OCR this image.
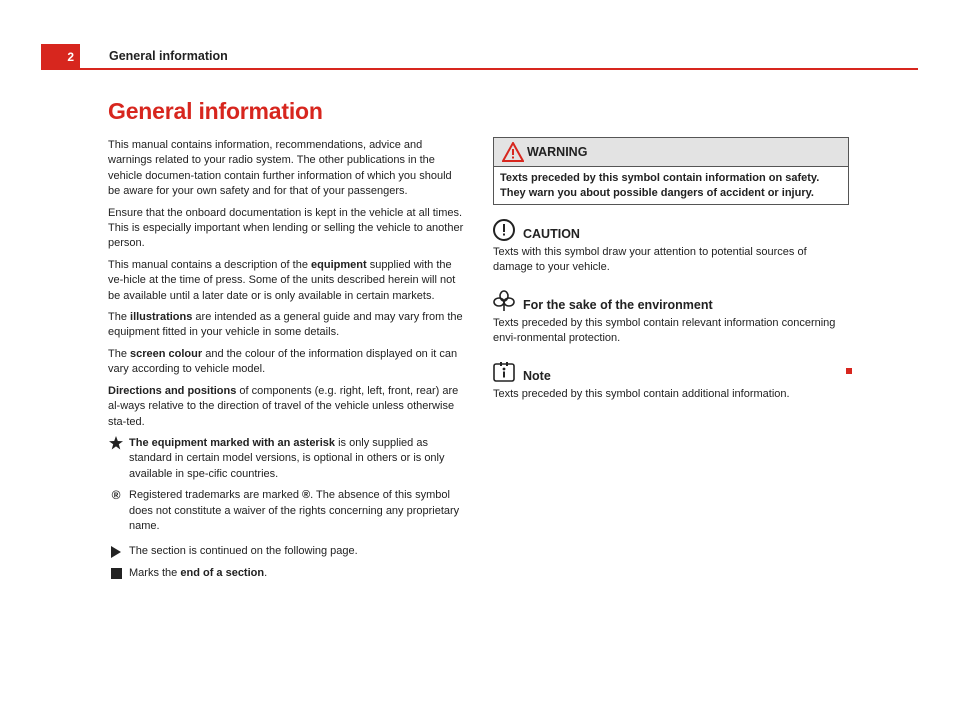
2	General information
General information

This manual contains information, recommendations, advice and warnings related to your radio system. The other publications in the vehicle documen-tation contain further information of which you should be aware for your own safety and for that of your passengers.

Ensure that the onboard documentation is kept in the vehicle at all times. This is especially important when lending or selling the vehicle to another person.

This manual contains a description of the equipment supplied with the ve-hicle at the time of press. Some of the units described herein will not be available until a later date or is only available in certain markets.

The illustrations are intended as a general guide and may vary from the equipment fitted in your vehicle in some details.

The screen colour and the colour of the information displayed on it can vary according to vehicle model.

Directions and positions of components (e.g. right, left, front, rear) are al-ways relative to the direction of travel of the vehicle unless otherwise sta-ted.

The equipment marked with an asterisk is only supplied as standard in certain model versions, is optional in others or is only available in spe-cific countries.
® Registered trademarks are marked ®. The absence of this symbol does not constitute a waiver of the rights concerning any proprietary name.
The section is continued on the following page.
Marks the end of a section.
WARNING
Texts preceded by this symbol contain information on safety. They warn you about possible dangers of accident or injury.
CAUTION

Texts with this symbol draw your attention to potential sources of damage to your vehicle.

For the sake of the environment

Texts preceded by this symbol contain relevant information concerning envi-ronmental protection.

Note

Texts preceded by this symbol contain additional information.
